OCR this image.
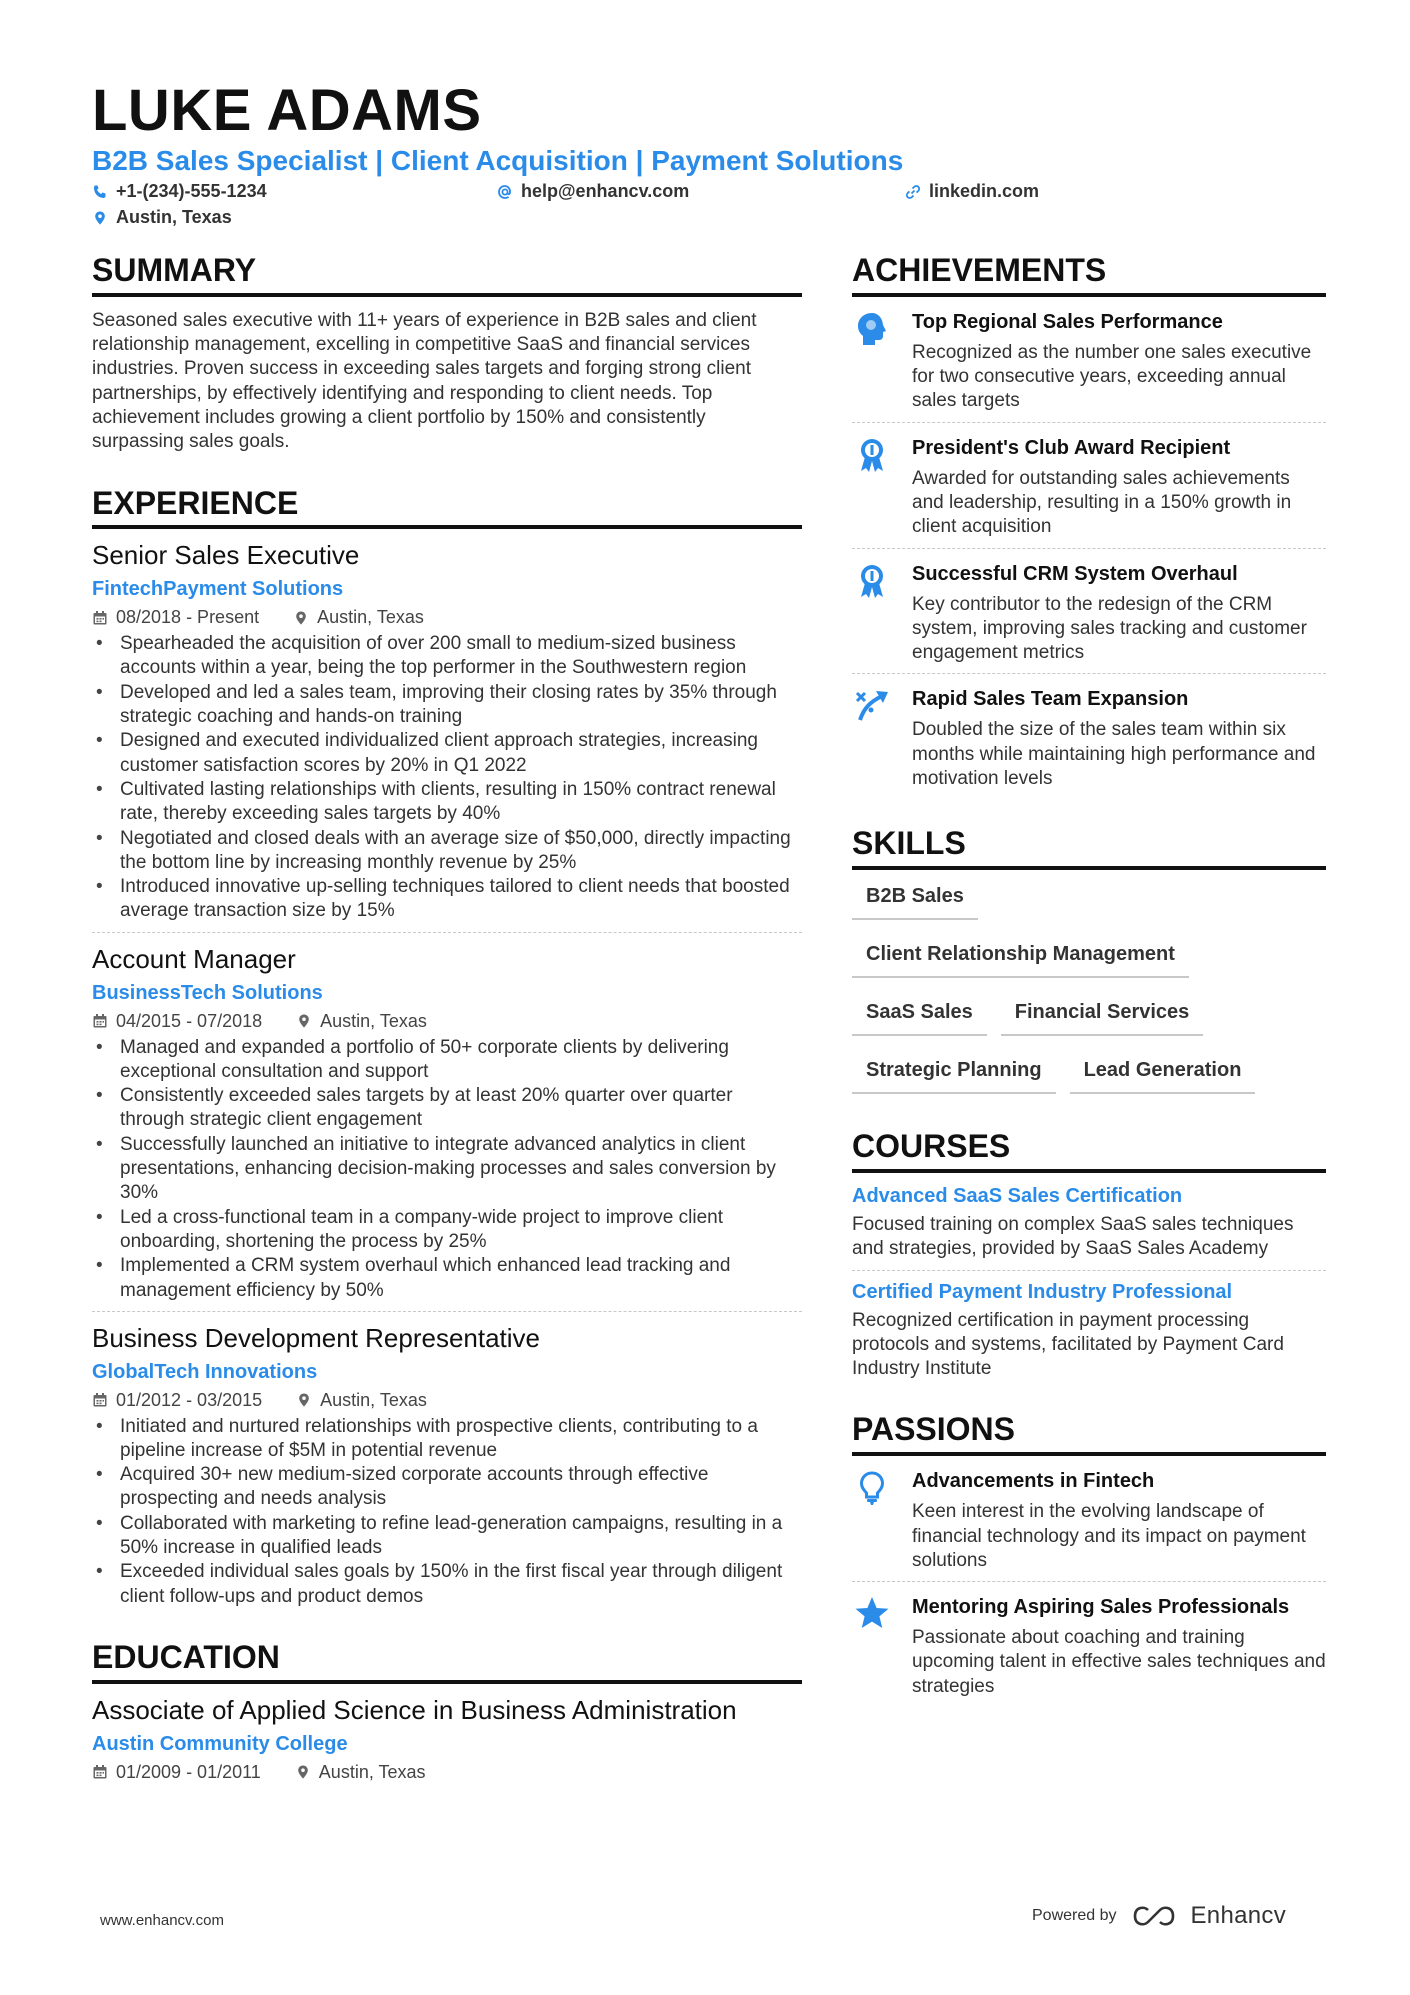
LUKE ADAMS
B2B Sales Specialist | Client Acquisition | Payment Solutions
+1-(234)-555-1234	help@enhancv.com	linkedin.com
Austin, Texas
SUMMARY
Seasoned sales executive with 11+ years of experience in B2B sales and client relationship management, excelling in competitive SaaS and financial services industries. Proven success in exceeding sales targets and forging strong client partnerships, by effectively identifying and responding to client needs. Top achievement includes growing a client portfolio by 150% and consistently surpassing sales goals.
EXPERIENCE
Senior Sales Executive
FintechPayment Solutions
08/2018 - Present	Austin, Texas
• Spearheaded the acquisition of over 200 small to medium-sized business accounts within a year, being the top performer in the Southwestern region
• Developed and led a sales team, improving their closing rates by 35% through strategic coaching and hands-on training
• Designed and executed individualized client approach strategies, increasing customer satisfaction scores by 20% in Q1 2022
• Cultivated lasting relationships with clients, resulting in 150% contract renewal rate, thereby exceeding sales targets by 40%
• Negotiated and closed deals with an average size of $50,000, directly impacting the bottom line by increasing monthly revenue by 25%
• Introduced innovative up-selling techniques tailored to client needs that boosted average transaction size by 15%
Account Manager
BusinessTech Solutions
04/2015 - 07/2018	Austin, Texas
• Managed and expanded a portfolio of 50+ corporate clients by delivering exceptional consultation and support
• Consistently exceeded sales targets by at least 20% quarter over quarter through strategic client engagement
• Successfully launched an initiative to integrate advanced analytics in client presentations, enhancing decision-making processes and sales conversion by 30%
• Led a cross-functional team in a company-wide project to improve client onboarding, shortening the process by 25%
• Implemented a CRM system overhaul which enhanced lead tracking and management efficiency by 50%
Business Development Representative
GlobalTech Innovations
01/2012 - 03/2015	Austin, Texas
• Initiated and nurtured relationships with prospective clients, contributing to a pipeline increase of $5M in potential revenue
• Acquired 30+ new medium-sized corporate accounts through effective prospecting and needs analysis
• Collaborated with marketing to refine lead-generation campaigns, resulting in a 50% increase in qualified leads
• Exceeded individual sales goals by 150% in the first fiscal year through diligent client follow-ups and product demos
EDUCATION
Associate of Applied Science in Business Administration
Austin Community College
01/2009 - 01/2011	Austin, Texas
ACHIEVEMENTS
Top Regional Sales Performance
Recognized as the number one sales executive for two consecutive years, exceeding annual sales targets
President's Club Award Recipient
Awarded for outstanding sales achievements and leadership, resulting in a 150% growth in client acquisition
Successful CRM System Overhaul
Key contributor to the redesign of the CRM system, improving sales tracking and customer engagement metrics
Rapid Sales Team Expansion
Doubled the size of the sales team within six months while maintaining high performance and motivation levels
SKILLS
B2B Sales
Client Relationship Management
SaaS Sales	Financial Services
Strategic Planning	Lead Generation
COURSES
Advanced SaaS Sales Certification
Focused training on complex SaaS sales techniques and strategies, provided by SaaS Sales Academy
Certified Payment Industry Professional
Recognized certification in payment processing protocols and systems, facilitated by Payment Card Industry Institute
PASSIONS
Advancements in Fintech
Keen interest in the evolving landscape of financial technology and its impact on payment solutions
Mentoring Aspiring Sales Professionals
Passionate about coaching and training upcoming talent in effective sales techniques and strategies
www.enhancv.com	Powered by	Enhancv
